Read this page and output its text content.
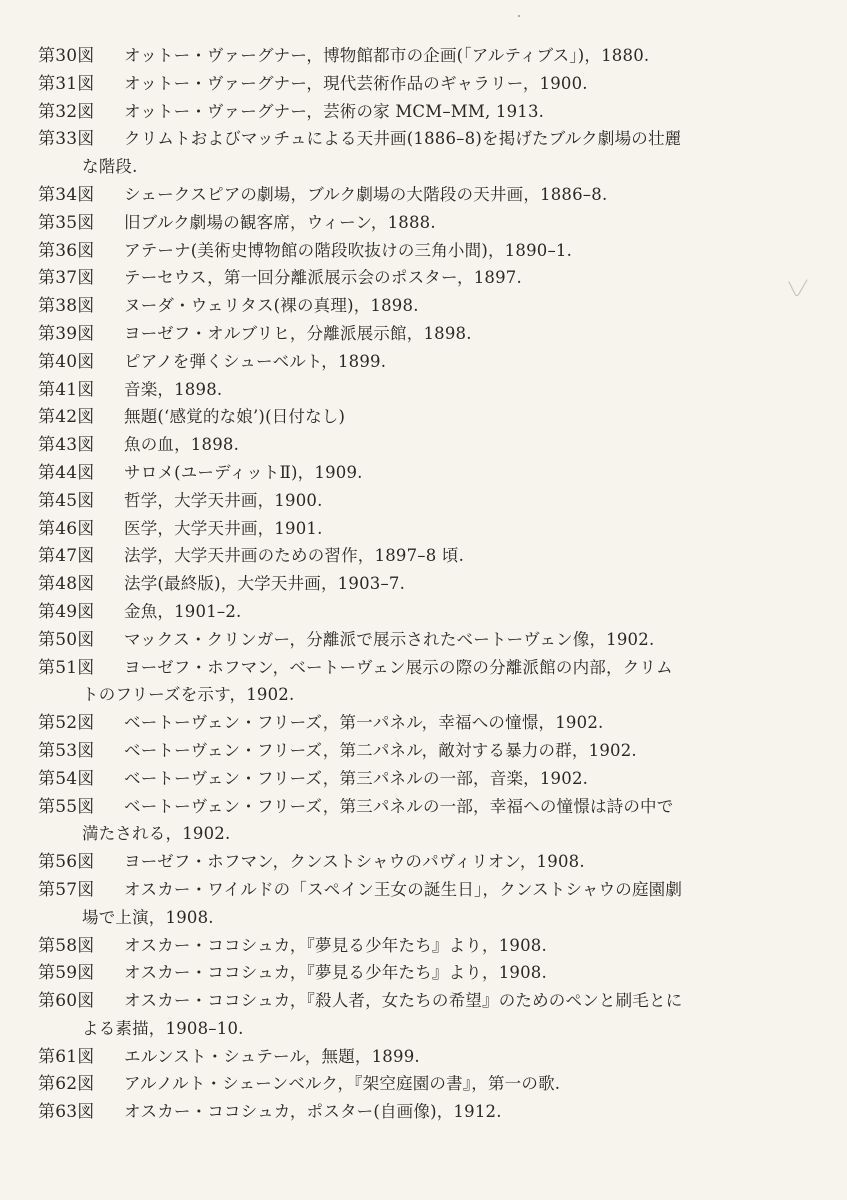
第30図 オットー・ヴァーグナー，博物館都市の企画(「アルティブス」)，1880.
第31図 オットー・ヴァーグナー，現代芸術作品のギャラリー，1900.
第32図 オットー・ヴァーグナー，芸術の家 MCM–MM, 1913.
第33図 クリムトおよびマッチュによる天井画(1886–8)を掲げたブルク劇場の壮麗
な階段.
第34図 シェークスピアの劇場，ブルク劇場の大階段の天井画，1886–8.
第35図 旧ブルク劇場の観客席，ウィーン，1888.
第36図 アテーナ(美術史博物館の階段吹抜けの三角小間)，1890–1.
第37図 テーセウス，第一回分離派展示会のポスター，1897.
第38図 ヌーダ・ウェリタス(裸の真理)，1898.
第39図 ヨーゼフ・オルブリヒ，分離派展示館，1898.
第40図 ピアノを弾くシューベルト，1899.
第41図 音楽，1898.
第42図 無題(‘感覚的な娘’)(日付なし)
第43図 魚の血，1898.
第44図 サロメ(ユーディットⅡ)，1909.
第45図 哲学，大学天井画，1900.
第46図 医学，大学天井画，1901.
第47図 法学，大学天井画のための習作，1897–8 頃.
第48図 法学(最終版)，大学天井画，1903–7.
第49図 金魚，1901–2.
第50図 マックス・クリンガー，分離派で展示されたベートーヴェン像，1902.
第51図 ヨーゼフ・ホフマン，ベートーヴェン展示の際の分離派館の内部，クリム
トのフリーズを示す，1902.
第52図 ベートーヴェン・フリーズ，第一パネル，幸福への憧憬，1902.
第53図 ベートーヴェン・フリーズ，第二パネル，敵対する暴力の群，1902.
第54図 ベートーヴェン・フリーズ，第三パネルの一部，音楽，1902.
第55図 ベートーヴェン・フリーズ，第三パネルの一部，幸福への憧憬は詩の中で
満たされる，1902.
第56図 ヨーゼフ・ホフマン，クンストシャウのパヴィリオン，1908.
第57図 オスカー・ワイルドの「スペイン王女の誕生日」，クンストシャウの庭園劇
場で上演，1908.
第58図 オスカー・ココシュカ，『夢見る少年たち』より，1908.
第59図 オスカー・ココシュカ，『夢見る少年たち』より，1908.
第60図 オスカー・ココシュカ，『殺人者，女たちの希望』のためのペンと刷毛とに
よる素描，1908–10.
第61図 エルンスト・シュテール，無題，1899.
第62図 アルノルト・シェーンベルク，『架空庭園の書』，第一の歌.
第63図 オスカー・ココシュカ，ポスター(自画像)，1912.
